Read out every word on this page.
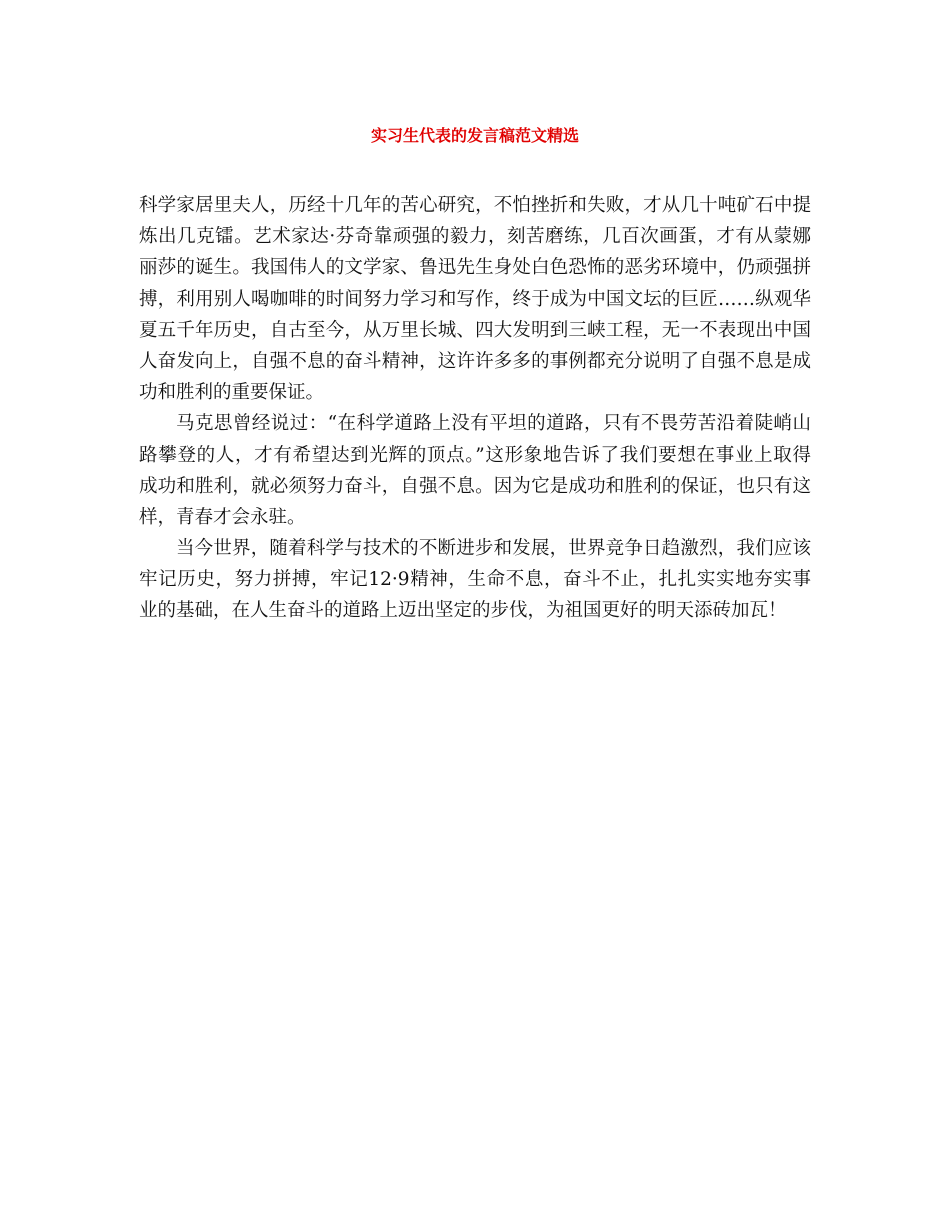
实习生代表的发言稿范文精选
科学家居里夫人，历经十几年的苦心研究，不怕挫折和失败，才从几十吨矿石中提
炼出几克镭。艺术家达·芬奇靠顽强的毅力，刻苦磨练，几百次画蛋，才有从蒙娜
丽莎的诞生。我国伟人的文学家、鲁迅先生身处白色恐怖的恶劣环境中，仍顽强拼
搏，利用别人喝咖啡的时间努力学习和写作，终于成为中国文坛的巨匠……纵观华
夏五千年历史，自古至今，从万里长城、四大发明到三峡工程，无一不表现出中国
人奋发向上，自强不息的奋斗精神，这许许多多的事例都充分说明了自强不息是成
功和胜利的重要保证。
马克思曾经说过：“在科学道路上没有平坦的道路，只有不畏劳苦沿着陡峭山
路攀登的人，才有希望达到光辉的顶点。”这形象地告诉了我们要想在事业上取得
成功和胜利，就必须努力奋斗，自强不息。因为它是成功和胜利的保证，也只有这
样，青春才会永驻。
当今世界，随着科学与技术的不断进步和发展，世界竞争日趋激烈，我们应该
牢记历史，努力拼搏，牢记12·9精神，生命不息，奋斗不止，扎扎实实地夯实事
业的基础，在人生奋斗的道路上迈出坚定的步伐，为祖国更好的明天添砖加瓦！
